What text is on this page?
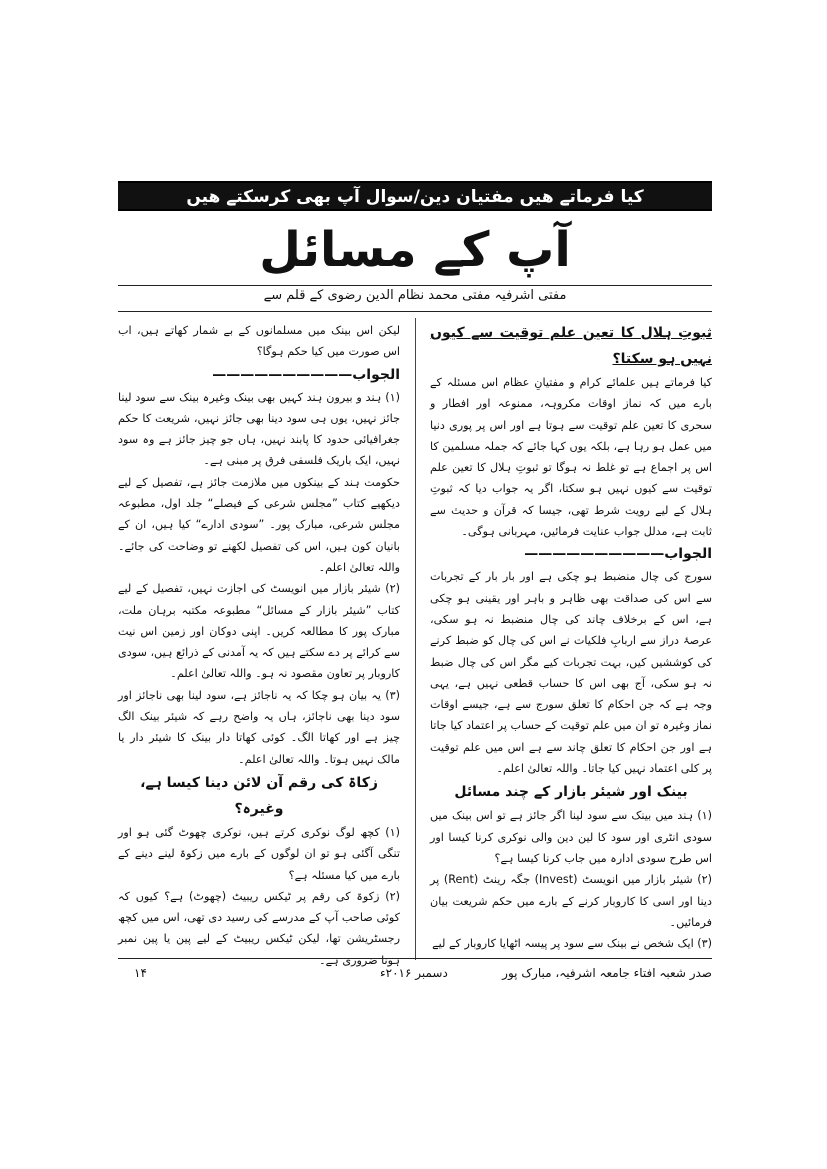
کیا فرماتے ھیں مفتیان دین/سوال آپ بھی کرسکتے ھیں
آپ کے مسائل
مفتی اشرفیہ مفتی محمد نظام الدین رضوی کے قلم سے
ثبوتِ ہلال کا تعین علم توقیت سے کیوں نہیں ہو سکتا؟

کیا فرماتے ہیں علمائے کرام و مفتیانِ عظام اس مسئلہ کے بارے میں کہ نماز اوقات مکروہہ، ممنوعہ اور افطار و سحری کا تعین علم توقیت سے ہوتا ہے اور اس پر پوری دنیا میں عمل ہو رہا ہے، بلکہ یوں کہا جائے کہ جملہ مسلمین کا اس پر اجماع ہے تو غلط نہ ہوگا تو ثبوتِ ہلال کا تعین علم توقیت سے کیوں نہیں ہو سکتا، اگر یہ جواب دیا کہ ثبوتِ ہلال کے لیے رویت شرط تھی، جیسا کہ قرآن و حدیث سے ثابت ہے، مدلل جواب عنایت فرمائیں، مہربانی ہوگی۔

الجواب——————————

سورج کی چال منضبط ہو چکی ہے اور بار بار کے تجربات سے اس کی صداقت بھی ظاہر و باہر اور یقینی ہو چکی ہے، اس کے برخلاف چاند کی چال منضبط نہ ہو سکی، عرصۂ دراز سے اربابِ فلکیات نے اس کی چال کو ضبط کرنے کی کوششیں کیں، بہت تجربات کیے مگر اس کی چال ضبط نہ ہو سکی، آج بھی اس کا حساب قطعی نہیں ہے، یہی وجہ ہے کہ جن احکام کا تعلق سورج سے ہے، جیسے اوقات نماز وغیرہ تو ان میں علم توقیت کے حساب پر اعتماد کیا جاتا ہے اور جن احکام کا تعلق چاند سے ہے اس میں علم توقیت پر کلی اعتماد نہیں کیا جاتا۔ واللہ تعالیٰ اعلم۔

بینک اور شیئر بازار کے چند مسائل

(۱) ہند میں بینک سے سود لینا اگر جائز ہے تو اس بینک میں سودی انٹری اور سود کا لین دین والی نوکری کرنا کیسا اور اس طرح سودی ادارہ میں جاب کرنا کیسا ہے؟

(۲) شیئر بازار میں انویسٹ (Invest) جگہ رینٹ (Rent) پر دینا اور اسی کا کاروبار کرنے کے بارے میں حکم شریعت بیان فرمائیں۔

(۳) ایک شخص نے بینک سے سود پر پیسہ اٹھایا کاروبار کے لیے

لیکن اس بینک میں مسلمانوں کے بے شمار کھاتے ہیں، اب اس صورت میں کیا حکم ہوگا؟

الجواب——————————

(۱) ہند و بیرون ہند کہیں بھی بینک وغیرہ بینک سے سود لینا جائز نہیں، یوں ہی سود دینا بھی جائز نہیں، شریعت کا حکم جغرافیائی حدود کا پابند نہیں، ہاں جو چیز جائز ہے وہ سود نہیں، ایک باریک فلسفی فرق پر مبنی ہے۔

حکومت ہند کے بینکوں میں ملازمت جائز ہے، تفصیل کے لیے دیکھیے کتاب ”مجلس شرعی کے فیصلے“ جلد اول، مطبوعہ مجلس شرعی، مبارک پور۔ ”سودی ادارے“ کیا ہیں، ان کے بانیان کون ہیں، اس کی تفصیل لکھنے تو وضاحت کی جائے۔ واللہ تعالیٰ اعلم۔

(۲) شیئر بازار میں انویسٹ کی اجازت نہیں، تفصیل کے لیے کتاب ”شیئر بازار کے مسائل“ مطبوعہ مکتبہ برہان ملت، مبارک پور کا مطالعہ کریں۔ اپنی دوکان اور زمین اس نیت سے کرائے پر دے سکتے ہیں کہ یہ آمدنی کے ذرائع ہیں، سودی کاروبار پر تعاون مقصود نہ ہو۔ واللہ تعالیٰ اعلم۔

(۳) یہ بیان ہو چکا کہ یہ ناجائز ہے، سود لینا بھی ناجائز اور سود دینا بھی ناجائز، ہاں یہ واضح رہے کہ شیئر بینک الگ چیز ہے اور کھاتا الگ۔ کوئی کھاتا دار بینک کا شیئر دار یا مالک نہیں ہوتا۔ واللہ تعالیٰ اعلم۔

زکاۃ کی رقم آن لائن دینا کیسا ہے، وغیرہ؟

(۱) کچھ لوگ نوکری کرتے ہیں، نوکری چھوٹ گئی ہو اور تنگی آگئی ہو تو ان لوگوں کے بارے میں زکوۃ لینے دینے کے بارے میں کیا مسئلہ ہے؟

(۲) زکوۃ کی رقم پر ٹیکس ریبیٹ (چھوٹ) ہے؟ کیوں کہ کوئی صاحب آپ کے مدرسے کی رسید دی تھی، اس میں کچھ رجسٹریشن تھا، لیکن ٹیکس ریبیٹ کے لیے پین یا پین نمبر ہونا ضروری ہے۔

صدر شعبہ افتاء جامعہ اشرفیہ، مبارک پور
دسمبر ۲۰۱۶ء
۱۴
